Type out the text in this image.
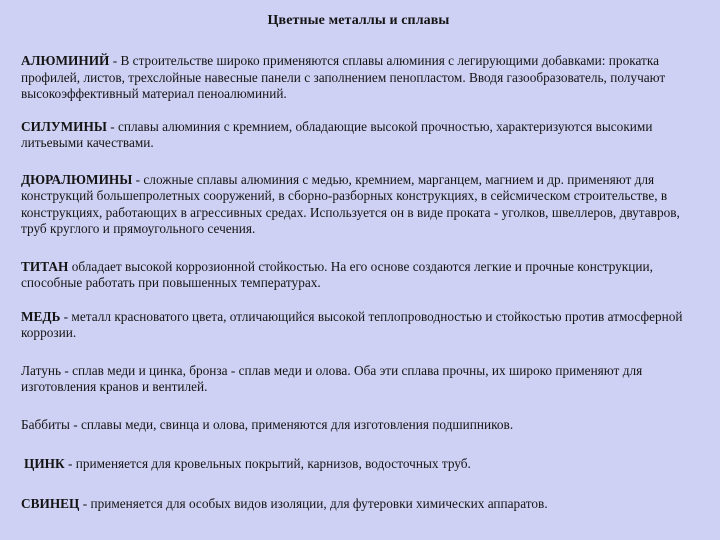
Цветные металлы и сплавы

АЛЮМИНИЙ - В строительстве широко применяются сплавы алюминия с легирующими добавками: прокатка профилей, листов, трехслойные навесные панели с заполнением пенопластом. Вводя газообразователь, получают высокоэффективный материал пеноалюминий.

СИЛУМИНЫ - сплавы алюминия с кремнием, обладающие высокой прочностью, характеризуются высокими литьевыми качествами.

ДЮРАЛЮМИНЫ - сложные сплавы алюминия с медью, кремнием, марганцем, магнием и др. применяют для конструкций большепролетных сооружений, в сборно-разборных конструкциях, в сейсмическом строительстве, в конструкциях, работающих в агрессивных средах. Используется он в виде проката - уголков, швеллеров, двутавров, труб круглого и прямоугольного сечения.

ТИТАН обладает высокой коррозионной стойкостью. На его основе создаются легкие и прочные конструкции, способные работать при повышенных температурах.

МЕДЬ - металл красноватого цвета, отличающийся высокой теплопроводностью и стойкостью против атмосферной коррозии.

Латунь - сплав меди и цинка, бронза - сплав меди и олова. Оба эти сплава прочны, их широко применяют для изготовления кранов и вентилей.

Баббиты - сплавы меди, свинца и олова, применяются для изготовления подшипников.

ЦИНК - применяется для кровельных покрытий, карнизов, водосточных труб.

СВИНЕЦ - применяется для особых видов изоляции, для футеровки химических аппаратов.
